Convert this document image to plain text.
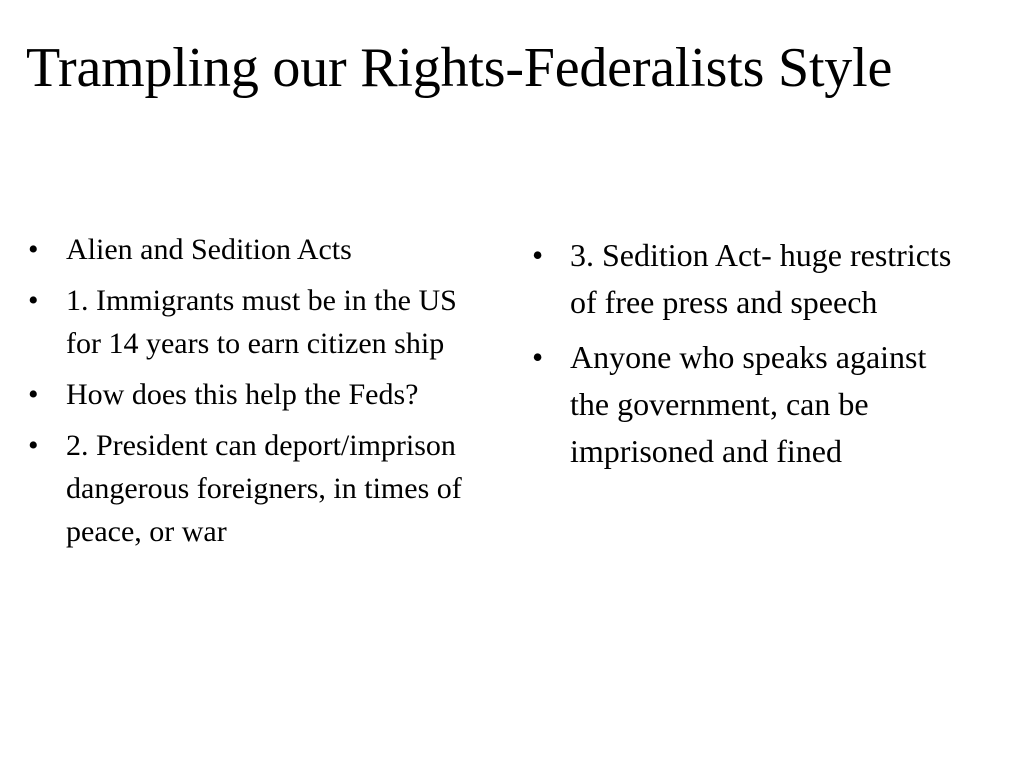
Trampling our Rights-Federalists Style
• Alien and Sedition Acts
• 1. Immigrants must be in the US for 14 years to earn citizen ship
• How does this help the Feds?
• 2. President can deport/imprison dangerous foreigners, in times of peace, or war
• 3. Sedition Act- huge restricts of free press and speech
• Anyone who speaks against the government, can be imprisoned and fined
